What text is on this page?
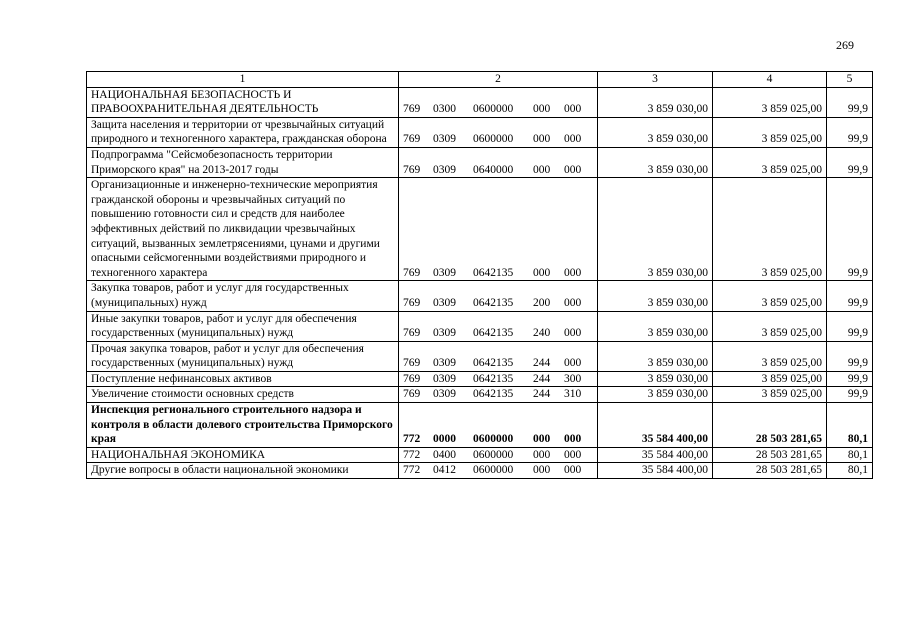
269
1	2	3	4	5
НАЦИОНАЛЬНАЯ БЕЗОПАСНОСТЬ И ПРАВООХРАНИТЕЛЬНАЯ ДЕЯТЕЛЬНОСТЬ	769 0300 0600000 000 000	3 859 030,00	3 859 025,00	99,9
Защита населения и территории от чрезвычайных ситуаций природного и техногенного характера, гражданская оборона	769 0309 0600000 000 000	3 859 030,00	3 859 025,00	99,9
Подпрограмма "Сейсмобезопасность территории Приморского края" на 2013-2017 годы	769 0309 0640000 000 000	3 859 030,00	3 859 025,00	99,9
Организационные и инженерно-технические мероприятия гражданской обороны и чрезвычайных ситуаций по повышению готовности сил и средств для наиболее эффективных действий по ликвидации чрезвычайных ситуаций, вызванных землетрясениями, цунами и другими опасными сейсмогенными воздействиями природного и техногенного характера	769 0309 0642135 000 000	3 859 030,00	3 859 025,00	99,9
Закупка товаров, работ и услуг для государственных (муниципальных) нужд	769 0309 0642135 200 000	3 859 030,00	3 859 025,00	99,9
Иные закупки товаров, работ и услуг для обеспечения государственных (муниципальных) нужд	769 0309 0642135 240 000	3 859 030,00	3 859 025,00	99,9
Прочая закупка товаров, работ и услуг для обеспечения государственных (муниципальных) нужд	769 0309 0642135 244 000	3 859 030,00	3 859 025,00	99,9
Поступление нефинансовых активов	769 0309 0642135 244 300	3 859 030,00	3 859 025,00	99,9
Увеличение стоимости основных средств	769 0309 0642135 244 310	3 859 030,00	3 859 025,00	99,9
Инспекция регионального строительного надзора и контроля в области долевого строительства Приморского края	772 0000 0600000 000 000	35 584 400,00	28 503 281,65	80,1
НАЦИОНАЛЬНАЯ ЭКОНОМИКА	772 0400 0600000 000 000	35 584 400,00	28 503 281,65	80,1
Другие вопросы в области национальной экономики	772 0412 0600000 000 000	35 584 400,00	28 503 281,65	80,1
